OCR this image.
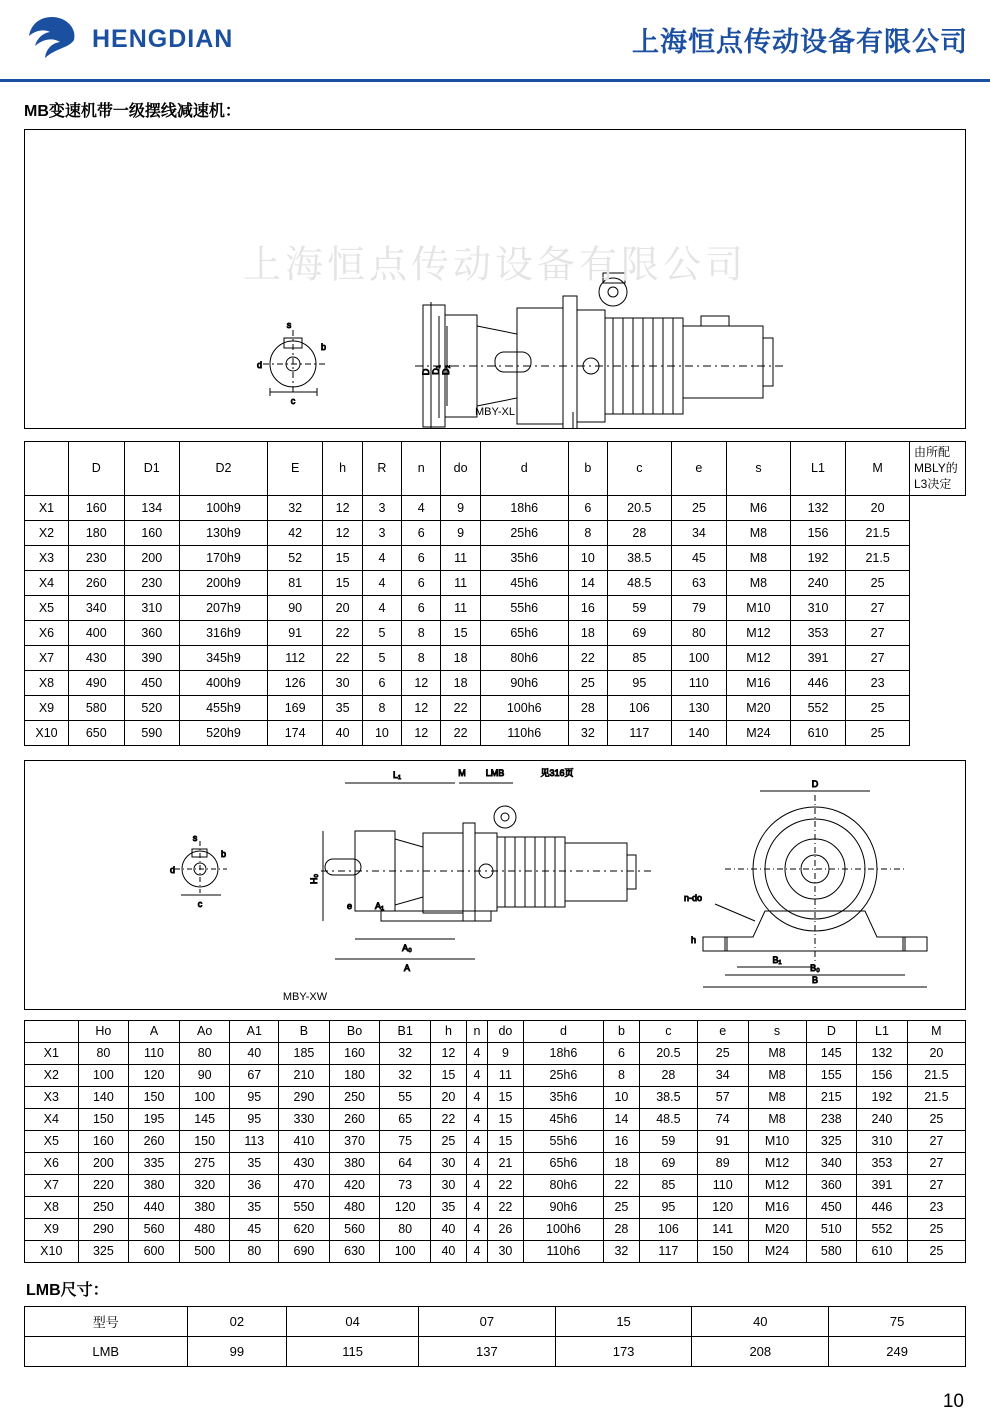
HENGDIAN	上海恒点传动设备有限公司
MB变速机带一级摆线减速机：
上海恒点传动设备有限公司
s
b
d
c
D D₁ D₂
MBY-XL
	D	D1	D2	E	h	R	n	do	d	b	c	e	s	L1	M	由所配MBLY的L3决定
X1	160	134	100h9	32	12	3	4	9	18h6	6	20.5	25	M6	132	20	
X2	180	160	130h9	42	12	3	6	9	25h6	8	28	34	M8	156	21.5	
X3	230	200	170h9	52	15	4	6	11	35h6	10	38.5	45	M8	192	21.5	
X4	260	230	200h9	81	15	4	6	11	45h6	14	48.5	63	M8	240	25	
X5	340	310	207h9	90	20	4	6	11	55h6	16	59	79	M10	310	27	
X6	400	360	316h9	91	22	5	8	15	65h6	18	69	80	M12	353	27	
X7	430	390	345h9	112	22	5	8	18	80h6	22	85	100	M12	391	27	
X8	490	450	400h9	126	30	6	12	18	90h6	25	95	110	M16	446	23	
X9	580	520	455h9	169	35	8	12	22	100h6	28	106	130	M20	552	25	
X10	650	590	520h9	174	40	10	12	22	110h6	32	117	140	M24	610	25	
L₁	M LMB	见316页
s
b
d
c
H₀
e	A₁
A₀
A
D
n-do
h
B₁
B₀
B
MBY-XW
	Ho	A	Ao	A1	B	Bo	B1	h	n	do	d	b	c	e	s	D	L1	M
X1	80	110	80	40	185	160	32	12	4	9	18h6	6	20.5	25	M8	145	132	20
X2	100	120	90	67	210	180	32	15	4	11	25h6	8	28	34	M8	155	156	21.5
X3	140	150	100	95	290	250	55	20	4	15	35h6	10	38.5	57	M8	215	192	21.5
X4	150	195	145	95	330	260	65	22	4	15	45h6	14	48.5	74	M8	238	240	25
X5	160	260	150	113	410	370	75	25	4	15	55h6	16	59	91	M10	325	310	27
X6	200	335	275	35	430	380	64	30	4	21	65h6	18	69	89	M12	340	353	27
X7	220	380	320	36	470	420	73	30	4	22	80h6	22	85	110	M12	360	391	27
X8	250	440	380	35	550	480	120	35	4	22	90h6	25	95	120	M16	450	446	23
X9	290	560	480	45	620	560	80	40	4	26	100h6	28	106	141	M20	510	552	25
X10	325	600	500	80	690	630	100	40	4	30	110h6	32	117	150	M24	580	610	25
LMB尺寸：
型号	02	04	07	15	40	75
LMB	99	115	137	173	208	249
10
